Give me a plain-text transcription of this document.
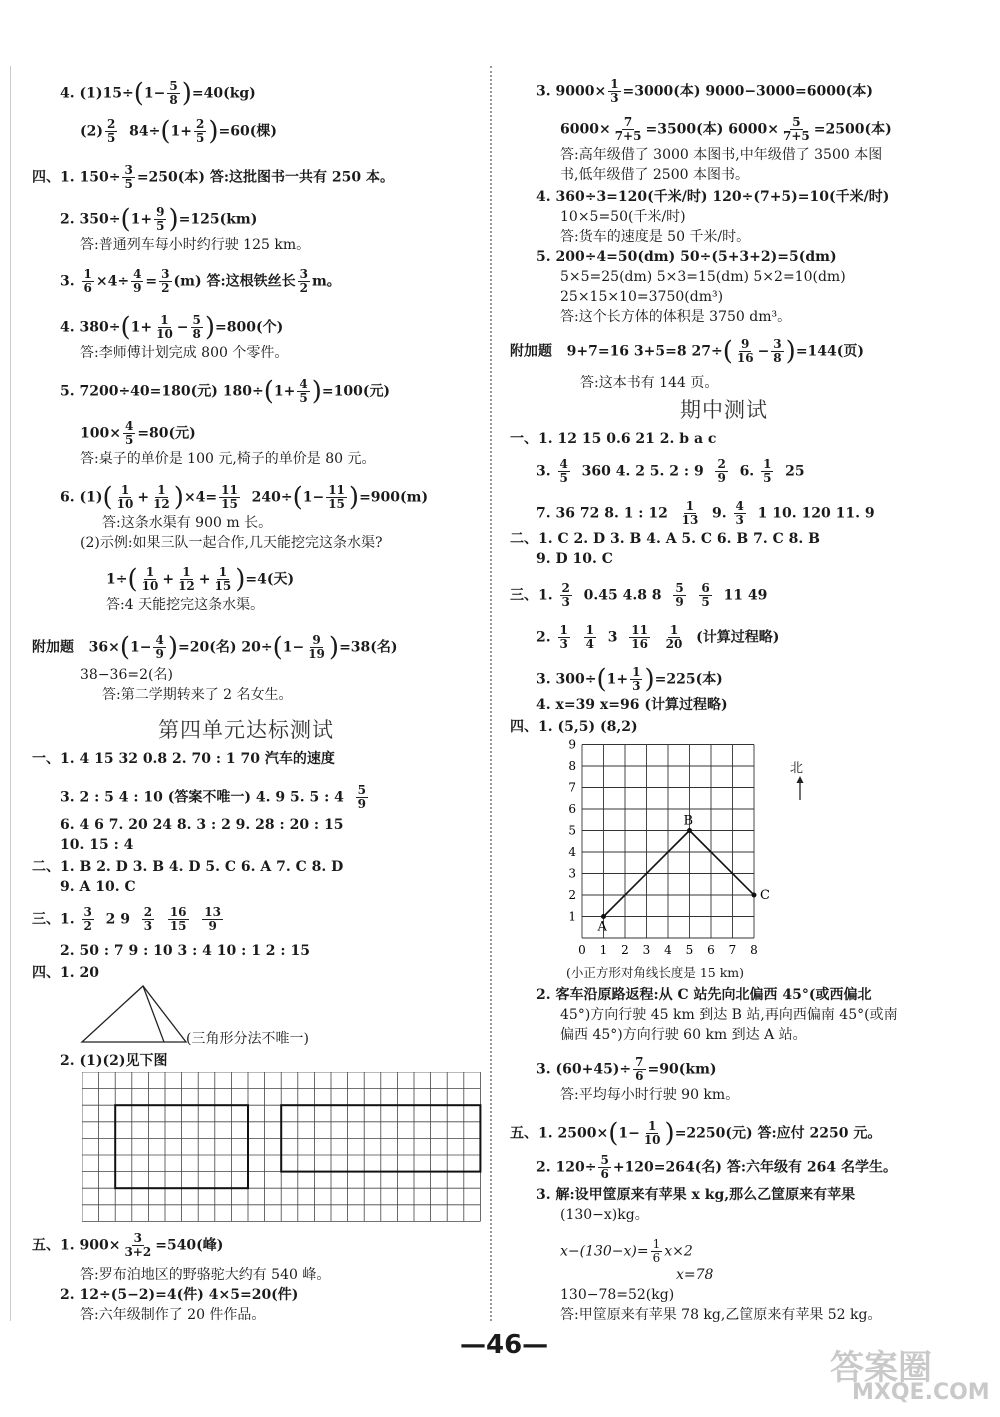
4. $(1)15\div(1- \frac{5}{8} )=40(kg)$
$(2) \frac{2}{5} 84\div(1+ \frac{2}{5} )=60$(棵)
四、1. $150\div \frac{3}{5} =250$(本) 答:这批图书一共有 250 本。
2. $350\div(1+ \frac{9}{5} )=125(km)$
答:普通列车每小时约行驶 125 km。
3. $\frac{1}{6} \times 4\div \frac{4}{9} = \frac{3}{2} (m)$ 答:这根铁丝长 $\frac{3}{2}$ m。
4. $380\div(1+ \frac{1}{10} - \frac{5}{8} )=800$(个)
答:李师傅计划完成 800 个零件。
5. 7200÷40=180(元) $180\div(1+ \frac{4}{5} )=100$(元)
$100\times \frac{4}{5} =80$(元)
答:桌子的单价是 100 元,椅子的单价是 80 元。
6. $(1)( \frac{1}{10} + \frac{1}{12} )\times 4= \frac{11}{15} 240\div(1- \frac{11}{15} )=900(m)$
答:这条水渠有 900 m 长。
(2)示例:如果三队一起合作,几天能挖完这条水渠?
$1\div( \frac{1}{10} + \frac{1}{12} + \frac{1}{15} )=4$(天)
答:4 天能挖完这条水渠。
附加题 $36\times(1- \frac{4}{9} )=20$(名) $20\div(1- \frac{9}{19} )=38$(名)
38−36=2(名)
答:第二学期转来了 2 名女生。
第四单元达标测试
一、1. 4 15 32 0.8 2. 70 : 1 70 汽车的速度
3. 2 : 5 4 : 10 (答案不唯一) 4. 9 5. 5 : $4 \frac{5}{9}$
6. 4 6 7. 20 24 8. 3 : 2 9. 28 : 20 : 15
10. 15 : 4
二、1. B 2. D 3. B 4. D 5. C 6. A 7. C 8. D
9. A 10. C
三、1. $\frac{3}{2} 2$ $9 \frac{2}{3}$
$\frac{16}{15}$
$\frac{13}{9}$
2. 50 : 7 9 : 10 3 : 4 10 : 1 2 : 15
四、1. 20
(三角形分法不唯一)
2. (1)(2)见下图
五、1. $900\times \frac{3}{3+2} =540$(峰)
答:罗布泊地区的野骆驼大约有 540 峰。
2. 12÷(5−2)=4(件) 4×5=20(件)
答:六年级制作了 20 件作品。
3. $9000\times \frac{1}{3} =3000$(本) 9000−3000=6000(本)
$6000\times \frac{7}{7+5} =3500$(本) $6000\times \frac{5}{7+5} =2500$(本)
答:高年级借了 3000 本图书,中年级借了 3500 本图
书,低年级借了 2500 本图书。
4. 360÷3=120(千米/时) 120÷(7+5)=10(千米/时)
10×5=50(千米/时)
答:货车的速度是 50 千米/时。
5. 200÷4=50(dm) 50÷(5+3+2)=5(dm)
5×5=25(dm) 5×3=15(dm) 5×2=10(dm)
25×15×10=3750(dm³)
答:这个长方体的体积是 3750 dm³。
附加题 9+7=16 3+5=8 $27\div( \frac{9}{16} - \frac{3}{8} )=144$(页)
答:这本书有 144 页。
期中测试
一、1. 12 15 0.6 21 2. b a c
3. $\frac{4}{5} 360$ 4. 2 5. 2 : $9 \frac{2}{9} 6$. $\frac{1}{5} 25$
7. 36 72 8. 1 : $12 \frac{1}{13} 9$. $\frac{4}{3} 1$ 10. 120 11. 9
二、1. C 2. D 3. B 4. A 5. C 6. B 7. C 8. B
9. D 10. C
三、1. $\frac{2}{3} 0.45$ 4.8 $8 \frac{5}{9}$
$\frac{6}{5} 11$ 49
2. $\frac{1}{3}$
$\frac{1}{4} 3 \frac{11}{16}$
$\frac{1}{20}$ (计算过程略)
3. $300\div(1+ \frac{1}{3} )=225$(本)
4. x=39 x=96 (计算过程略)
四、1. (5,5) (8,2)
0 1 2 3 4 5 6 7 8
1
2
3
4
5
6
7
8
9
A
B
C
北
(小正方形对角线长度是 15 km)
2. 客车沿原路返程:从 C 站先向北偏西 45°(或西偏北
45°)方向行驶 45 km 到达 B 站,再向西偏南 45°(或南
偏西 45°)方向行驶 60 km 到达 A 站。
3. $(60+45)\div \frac{7}{6} =90(km)$
答:平均每小时行驶 90 km。
五、1. $2500\times(1- \frac{1}{10} )=2250$(元) 答:应付 2250 元。
2. $120\div \frac{5}{6} +120=264$(名) 答:六年级有 264 名学生。
3. 解:设甲筐原来有苹果 x kg,那么乙筐原来有苹果
(130−x)kg。
$x-(130-x)= \frac{1}{6} x\times 2$
x=78
130−78=52(kg)
答:甲筐原来有苹果 78 kg,乙筐原来有苹果 52 kg。
—46—
答案圈
MXQE.COM
